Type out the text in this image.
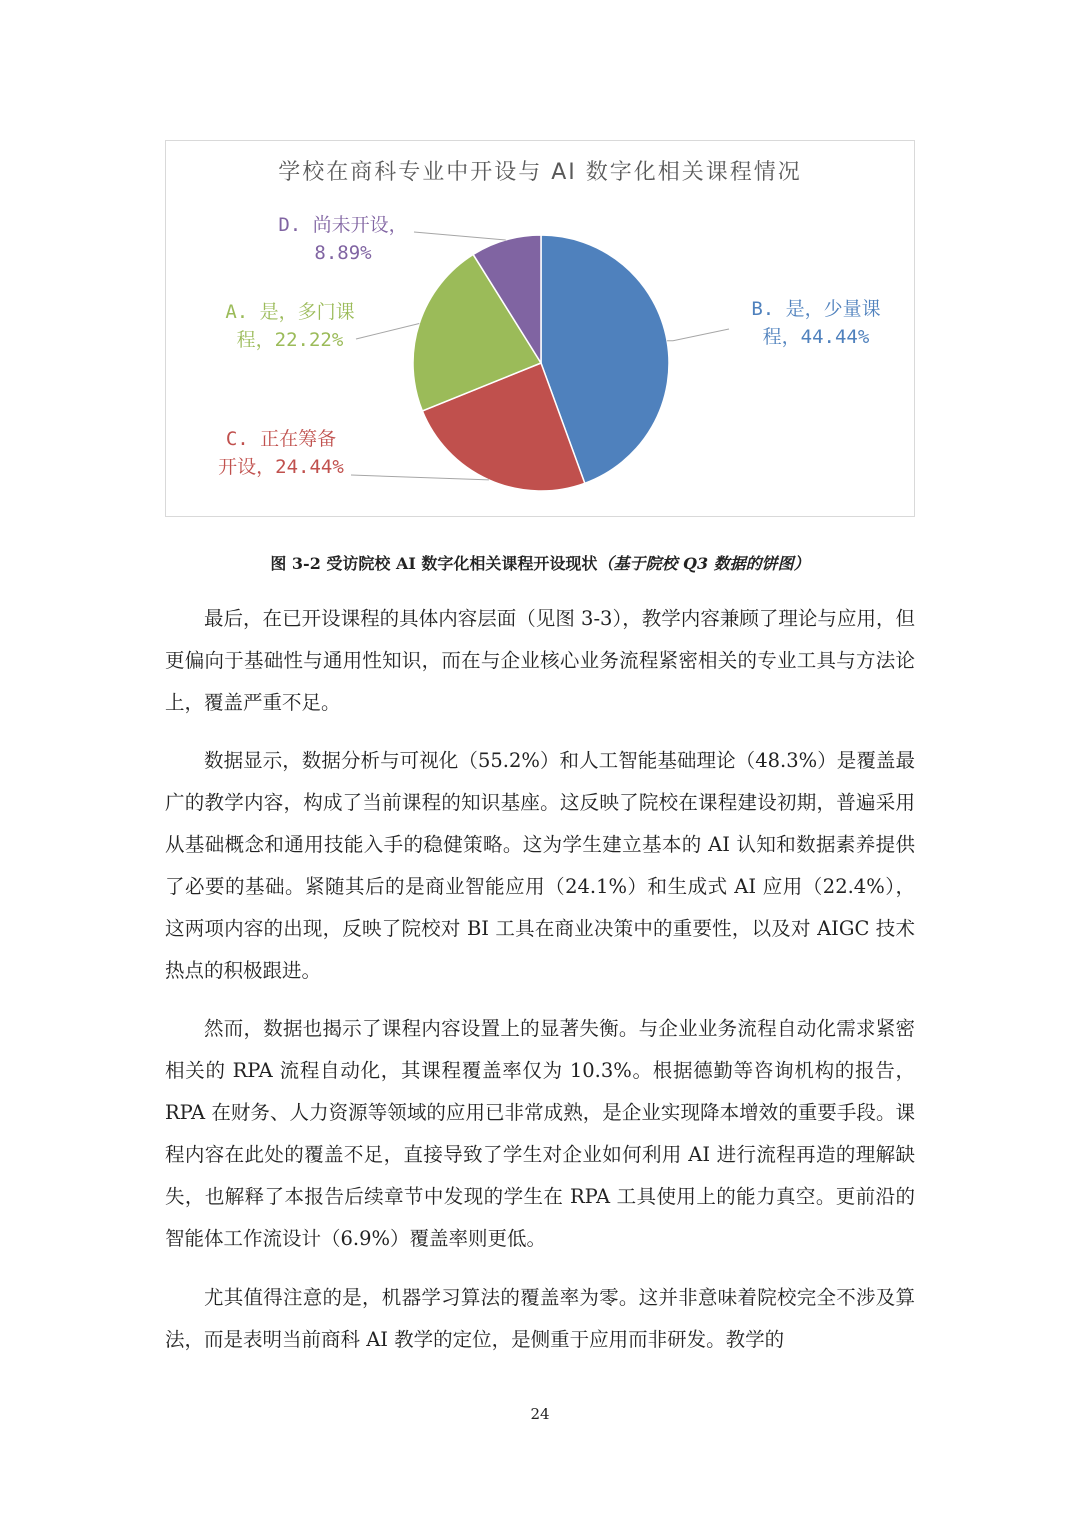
学校在商科专业中开设与 AI 数字化相关课程情况
D. 尚未开设，
8.89%
A. 是，多门课
程，22.22%
B. 是，少量课
程，44.44%
C. 正在筹备
开设，24.44%
图 3-2 受访院校 AI 数字化相关课程开设现状（基于院校 Q3 数据的饼图）

最后，在已开设课程的具体内容层面（见图 3-3），教学内容兼顾了理论与应用，但更偏向于基础性与通用性知识，而在与企业核心业务流程紧密相关的专业工具与方法论上，覆盖严重不足。

数据显示，数据分析与可视化（55.2%）和人工智能基础理论（48.3%）是覆盖最广的教学内容，构成了当前课程的知识基座。这反映了院校在课程建设初期，普遍采用从基础概念和通用技能入手的稳健策略。这为学生建立基本的 AI 认知和数据素养提供了必要的基础。紧随其后的是商业智能应用（24.1%）和生成式 AI 应用（22.4%），这两项内容的出现，反映了院校对 BI 工具在商业决策中的重要性，以及对 AIGC 技术热点的积极跟进。

然而，数据也揭示了课程内容设置上的显著失衡。与企业业务流程自动化需求紧密相关的 RPA 流程自动化，其课程覆盖率仅为 10.3%。根据德勤等咨询机构的报告，RPA 在财务、人力资源等领域的应用已非常成熟，是企业实现降本增效的重要手段。课程内容在此处的覆盖不足，直接导致了学生对企业如何利用 AI 进行流程再造的理解缺失，也解释了本报告后续章节中发现的学生在 RPA 工具使用上的能力真空。更前沿的智能体工作流设计（6.9%）覆盖率则更低。

尤其值得注意的是，机器学习算法的覆盖率为零。这并非意味着院校完全不涉及算法，而是表明当前商科 AI 教学的定位，是侧重于应用而非研发。教学的

24
